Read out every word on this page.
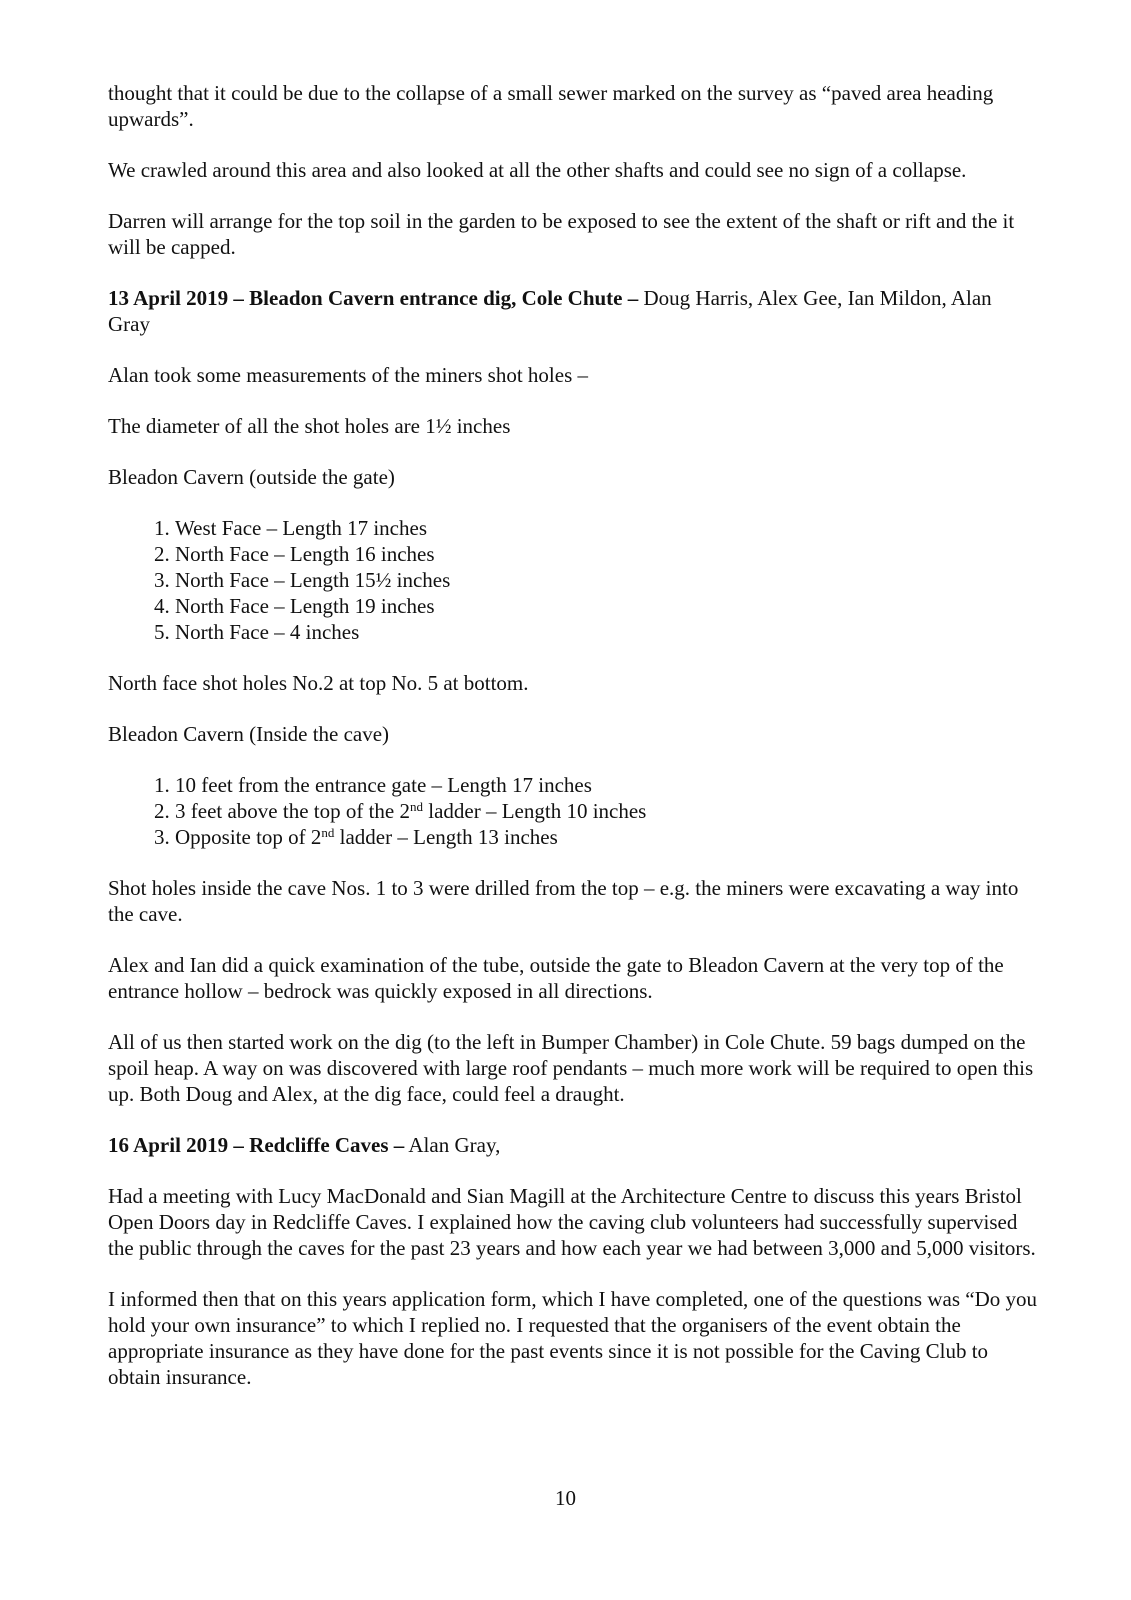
thought that it could be due to the collapse of a small sewer marked on the survey as “paved area heading upwards”.

We crawled around this area and also looked at all the other shafts and could see no sign of a collapse.

Darren will arrange for the top soil in the garden to be exposed to see the extent of the shaft or rift and the it will be capped.

13 April 2019 – Bleadon Cavern entrance dig, Cole Chute – Doug Harris, Alex Gee, Ian Mildon, Alan Gray

Alan took some measurements of the miners shot holes –

The diameter of all the shot holes are 1½ inches

Bleadon Cavern (outside the gate)

1. West Face – Length 17 inches
2. North Face – Length 16 inches
3. North Face – Length 15½ inches
4. North Face – Length 19 inches
5. North Face – 4 inches

North face shot holes No.2 at top No. 5 at bottom.

Bleadon Cavern (Inside the cave)

1. 10 feet from the entrance gate – Length 17 inches
2. 3 feet above the top of the 2nd ladder – Length 10 inches
3. Opposite top of 2nd ladder – Length 13 inches

Shot holes inside the cave Nos. 1 to 3 were drilled from the top – e.g. the miners were excavating a way into the cave.

Alex and Ian did a quick examination of the tube, outside the gate to Bleadon Cavern at the very top of the entrance hollow – bedrock was quickly exposed in all directions.

All of us then started work on the dig (to the left in Bumper Chamber) in Cole Chute. 59 bags dumped on the spoil heap. A way on was discovered with large roof pendants – much more work will be required to open this up. Both Doug and Alex, at the dig face, could feel a draught.

16 April 2019 – Redcliffe Caves – Alan Gray,

Had a meeting with Lucy MacDonald and Sian Magill at the Architecture Centre to discuss this years Bristol Open Doors day in Redcliffe Caves. I explained how the caving club volunteers had successfully supervised the public through the caves for the past 23 years and how each year we had between 3,000 and 5,000 visitors.

I informed then that on this years application form, which I have completed, one of the questions was “Do you hold your own insurance” to which I replied no. I requested that the organisers of the event obtain the appropriate insurance as they have done for the past events since it is not possible for the Caving Club to obtain insurance.

10
